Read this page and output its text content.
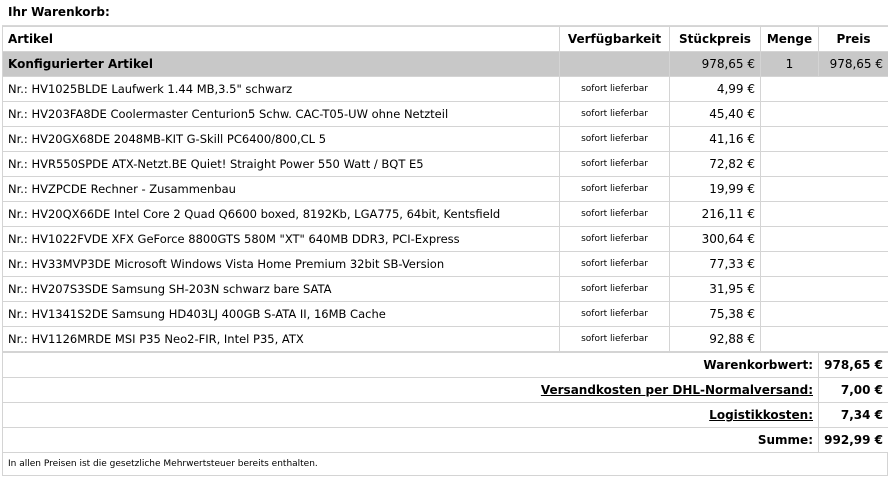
Ihr Warenkorb:
Artikel	Verfügbarkeit	Stückpreis	Menge	Preis
Konfigurierter Artikel		978,65 €	1	978,65 €
Nr.: HV1025BLDE Laufwerk 1.44 MB,3.5" schwarz	sofort lieferbar	4,99 €		
Nr.: HV203FA8DE Coolermaster Centurion5 Schw. CAC-T05-UW ohne Netzteil	sofort lieferbar	45,40 €		
Nr.: HV20GX68DE 2048MB-KIT G-Skill PC6400/800,CL 5	sofort lieferbar	41,16 €		
Nr.: HVR550SPDE ATX-Netzt.BE Quiet! Straight Power 550 Watt / BQT E5	sofort lieferbar	72,82 €		
Nr.: HVZPCDE Rechner - Zusammenbau	sofort lieferbar	19,99 €		
Nr.: HV20QX66DE Intel Core 2 Quad Q6600 boxed, 8192Kb, LGA775, 64bit, Kentsfield	sofort lieferbar	216,11 €		
Nr.: HV1022FVDE XFX GeForce 8800GTS 580M "XT" 640MB DDR3, PCI-Express	sofort lieferbar	300,64 €		
Nr.: HV33MVP3DE Microsoft Windows Vista Home Premium 32bit SB-Version	sofort lieferbar	77,33 €		
Nr.: HV207S3SDE Samsung SH-203N schwarz bare SATA	sofort lieferbar	31,95 €		
Nr.: HV1341S2DE Samsung HD403LJ 400GB S-ATA II, 16MB Cache	sofort lieferbar	75,38 €		
Nr.: HV1126MRDE MSI P35 Neo2-FIR, Intel P35, ATX	sofort lieferbar	92,88 €		
Warenkorbwert:	978,65 €
Versandkosten per DHL-Normalversand:	7,00 €
Logistikkosten:	7,34 €
Summe:	992,99 €
In allen Preisen ist die gesetzliche Mehrwertsteuer bereits enthalten.
